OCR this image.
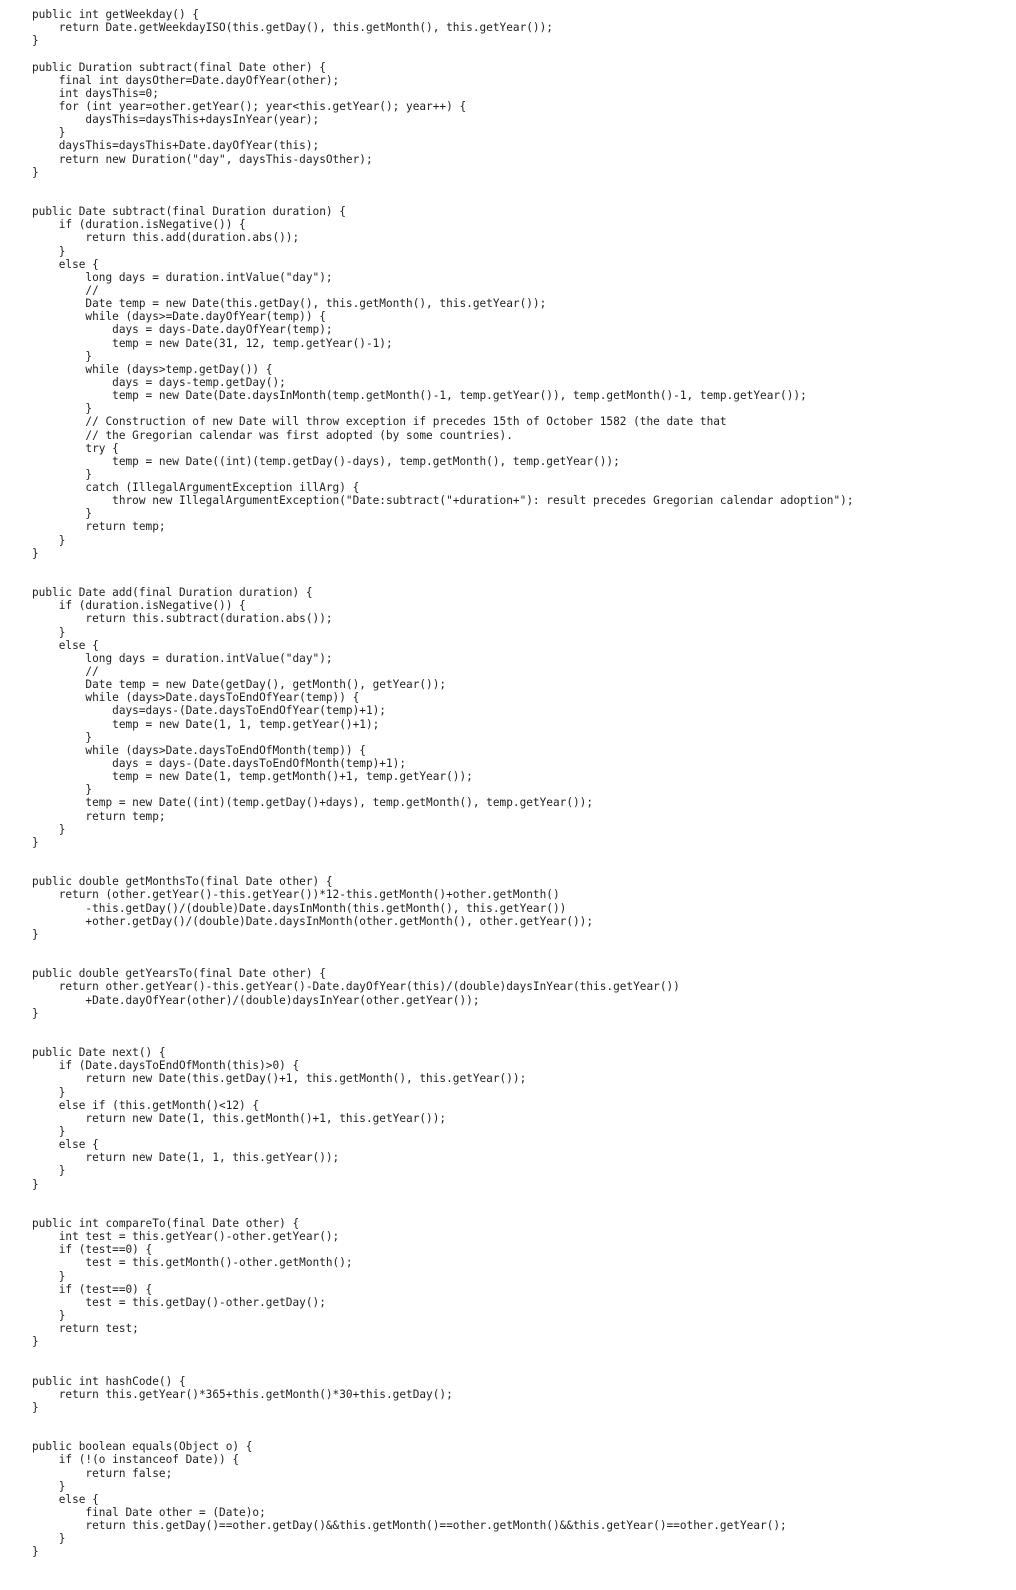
public int getWeekday() {
return Date.getWeekdayISO(this.getDay(), this.getMonth(), this.getYear());
}
public Duration subtract(final Date other) {
final int daysOther=Date.dayOfYear(other);
int daysThis=0;
for (int year=other.getYear(); year<this.getYear(); year++) {
daysThis=daysThis+daysInYear(year);
}
daysThis=daysThis+Date.dayOfYear(this);
return new Duration("day", daysThis-daysOther);
}
public Date subtract(final Duration duration) {
if (duration.isNegative()) {
return this.add(duration.abs());
}
else {
long days = duration.intValue("day");
//
Date temp = new Date(this.getDay(), this.getMonth(), this.getYear());
while (days>=Date.dayOfYear(temp)) {
days = days-Date.dayOfYear(temp);
temp = new Date(31, 12, temp.getYear()-1);
}
while (days>temp.getDay()) {
days = days-temp.getDay();
temp = new Date(Date.daysInMonth(temp.getMonth()-1, temp.getYear()), temp.getMonth()-1, temp.getYear());
}
// Construction of new Date will throw exception if precedes 15th of October 1582 (the date that
// the Gregorian calendar was first adopted (by some countries).
try {
temp = new Date((int)(temp.getDay()-days), temp.getMonth(), temp.getYear());
}
catch (IllegalArgumentException illArg) {
throw new IllegalArgumentException("Date:subtract("+duration+"): result precedes Gregorian calendar adoption");
}
return temp;
}
}
public Date add(final Duration duration) {
if (duration.isNegative()) {
return this.subtract(duration.abs());
}
else {
long days = duration.intValue("day");
//
Date temp = new Date(getDay(), getMonth(), getYear());
while (days>Date.daysToEndOfYear(temp)) {
days=days-(Date.daysToEndOfYear(temp)+1);
temp = new Date(1, 1, temp.getYear()+1);
}
while (days>Date.daysToEndOfMonth(temp)) {
days = days-(Date.daysToEndOfMonth(temp)+1);
temp = new Date(1, temp.getMonth()+1, temp.getYear());
}
temp = new Date((int)(temp.getDay()+days), temp.getMonth(), temp.getYear());
return temp;
}
}
public double getMonthsTo(final Date other) {
return (other.getYear()-this.getYear())*12-this.getMonth()+other.getMonth()
-this.getDay()/(double)Date.daysInMonth(this.getMonth(), this.getYear())
+other.getDay()/(double)Date.daysInMonth(other.getMonth(), other.getYear());
}
public double getYearsTo(final Date other) {
return other.getYear()-this.getYear()-Date.dayOfYear(this)/(double)daysInYear(this.getYear())
+Date.dayOfYear(other)/(double)daysInYear(other.getYear());
}
public Date next() {
if (Date.daysToEndOfMonth(this)>0) {
return new Date(this.getDay()+1, this.getMonth(), this.getYear());
}
else if (this.getMonth()<12) {
return new Date(1, this.getMonth()+1, this.getYear());
}
else {
return new Date(1, 1, this.getYear());
}
}
public int compareTo(final Date other) {
int test = this.getYear()-other.getYear();
if (test==0) {
test = this.getMonth()-other.getMonth();
}
if (test==0) {
test = this.getDay()-other.getDay();
}
return test;
}
public int hashCode() {
return this.getYear()*365+this.getMonth()*30+this.getDay();
}
public boolean equals(Object o) {
if (!(o instanceof Date)) {
return false;
}
else {
final Date other = (Date)o;
return this.getDay()==other.getDay()&&this.getMonth()==other.getMonth()&&this.getYear()==other.getYear();
}
}
